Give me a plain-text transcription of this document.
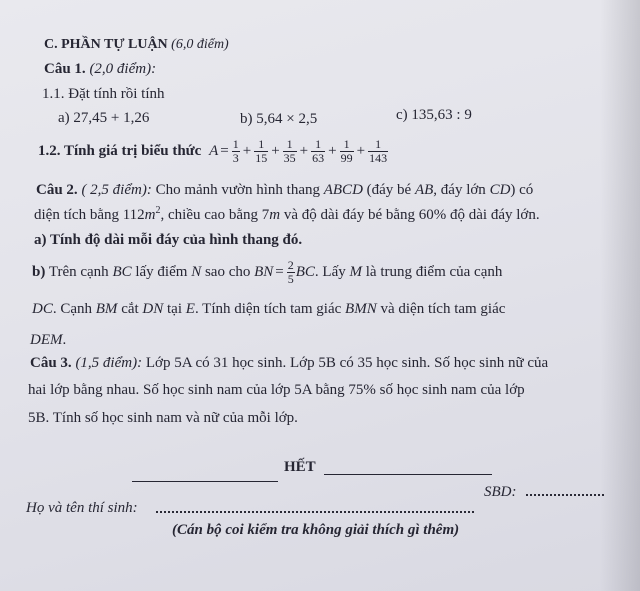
C. PHẦN TỰ LUẬN (6,0 điểm)
Câu 1. (2,0 điểm):
1.1. Đặt tính rồi tính
a) 27,45 + 1,26	b) 5,64 × 2,5	c) 135,63 : 9
1.2. Tính giá trị biểu thức $A = \frac{1}{3} + \frac{1}{15} + \frac{1}{35} + \frac{1}{63} + \frac{1}{99} + \frac{1}{143}$
Câu 2. ( 2,5 điểm): Cho mảnh vườn hình thang ABCD (đáy bé AB, đáy lớn CD) có
diện tích bằng $112m^2$, chiều cao bằng 7m và độ dài đáy bé bằng 60% độ dài đáy lớn.
a) Tính độ dài mỗi đáy của hình thang đó.
b) Trên cạnh BC lấy điểm N sao cho BN = $\frac{2}{5}$ BC. Lấy M là trung điểm của cạnh
DC. Cạnh BM cắt DN tại E. Tính diện tích tam giác BMN và diện tích tam giác
DEM.
Câu 3. (1,5 điểm): Lớp 5A có 31 học sinh. Lớp 5B có 35 học sinh. Số học sinh nữ của
hai lớp bằng nhau. Số học sinh nam của lớp 5A bằng 75% số học sinh nam của lớp
5B. Tính số học sinh nam và nữ của mỗi lớp.
HẾT
Họ và tên thí sinh:
SBD:
(Cán bộ coi kiểm tra không giải thích gì thêm)
